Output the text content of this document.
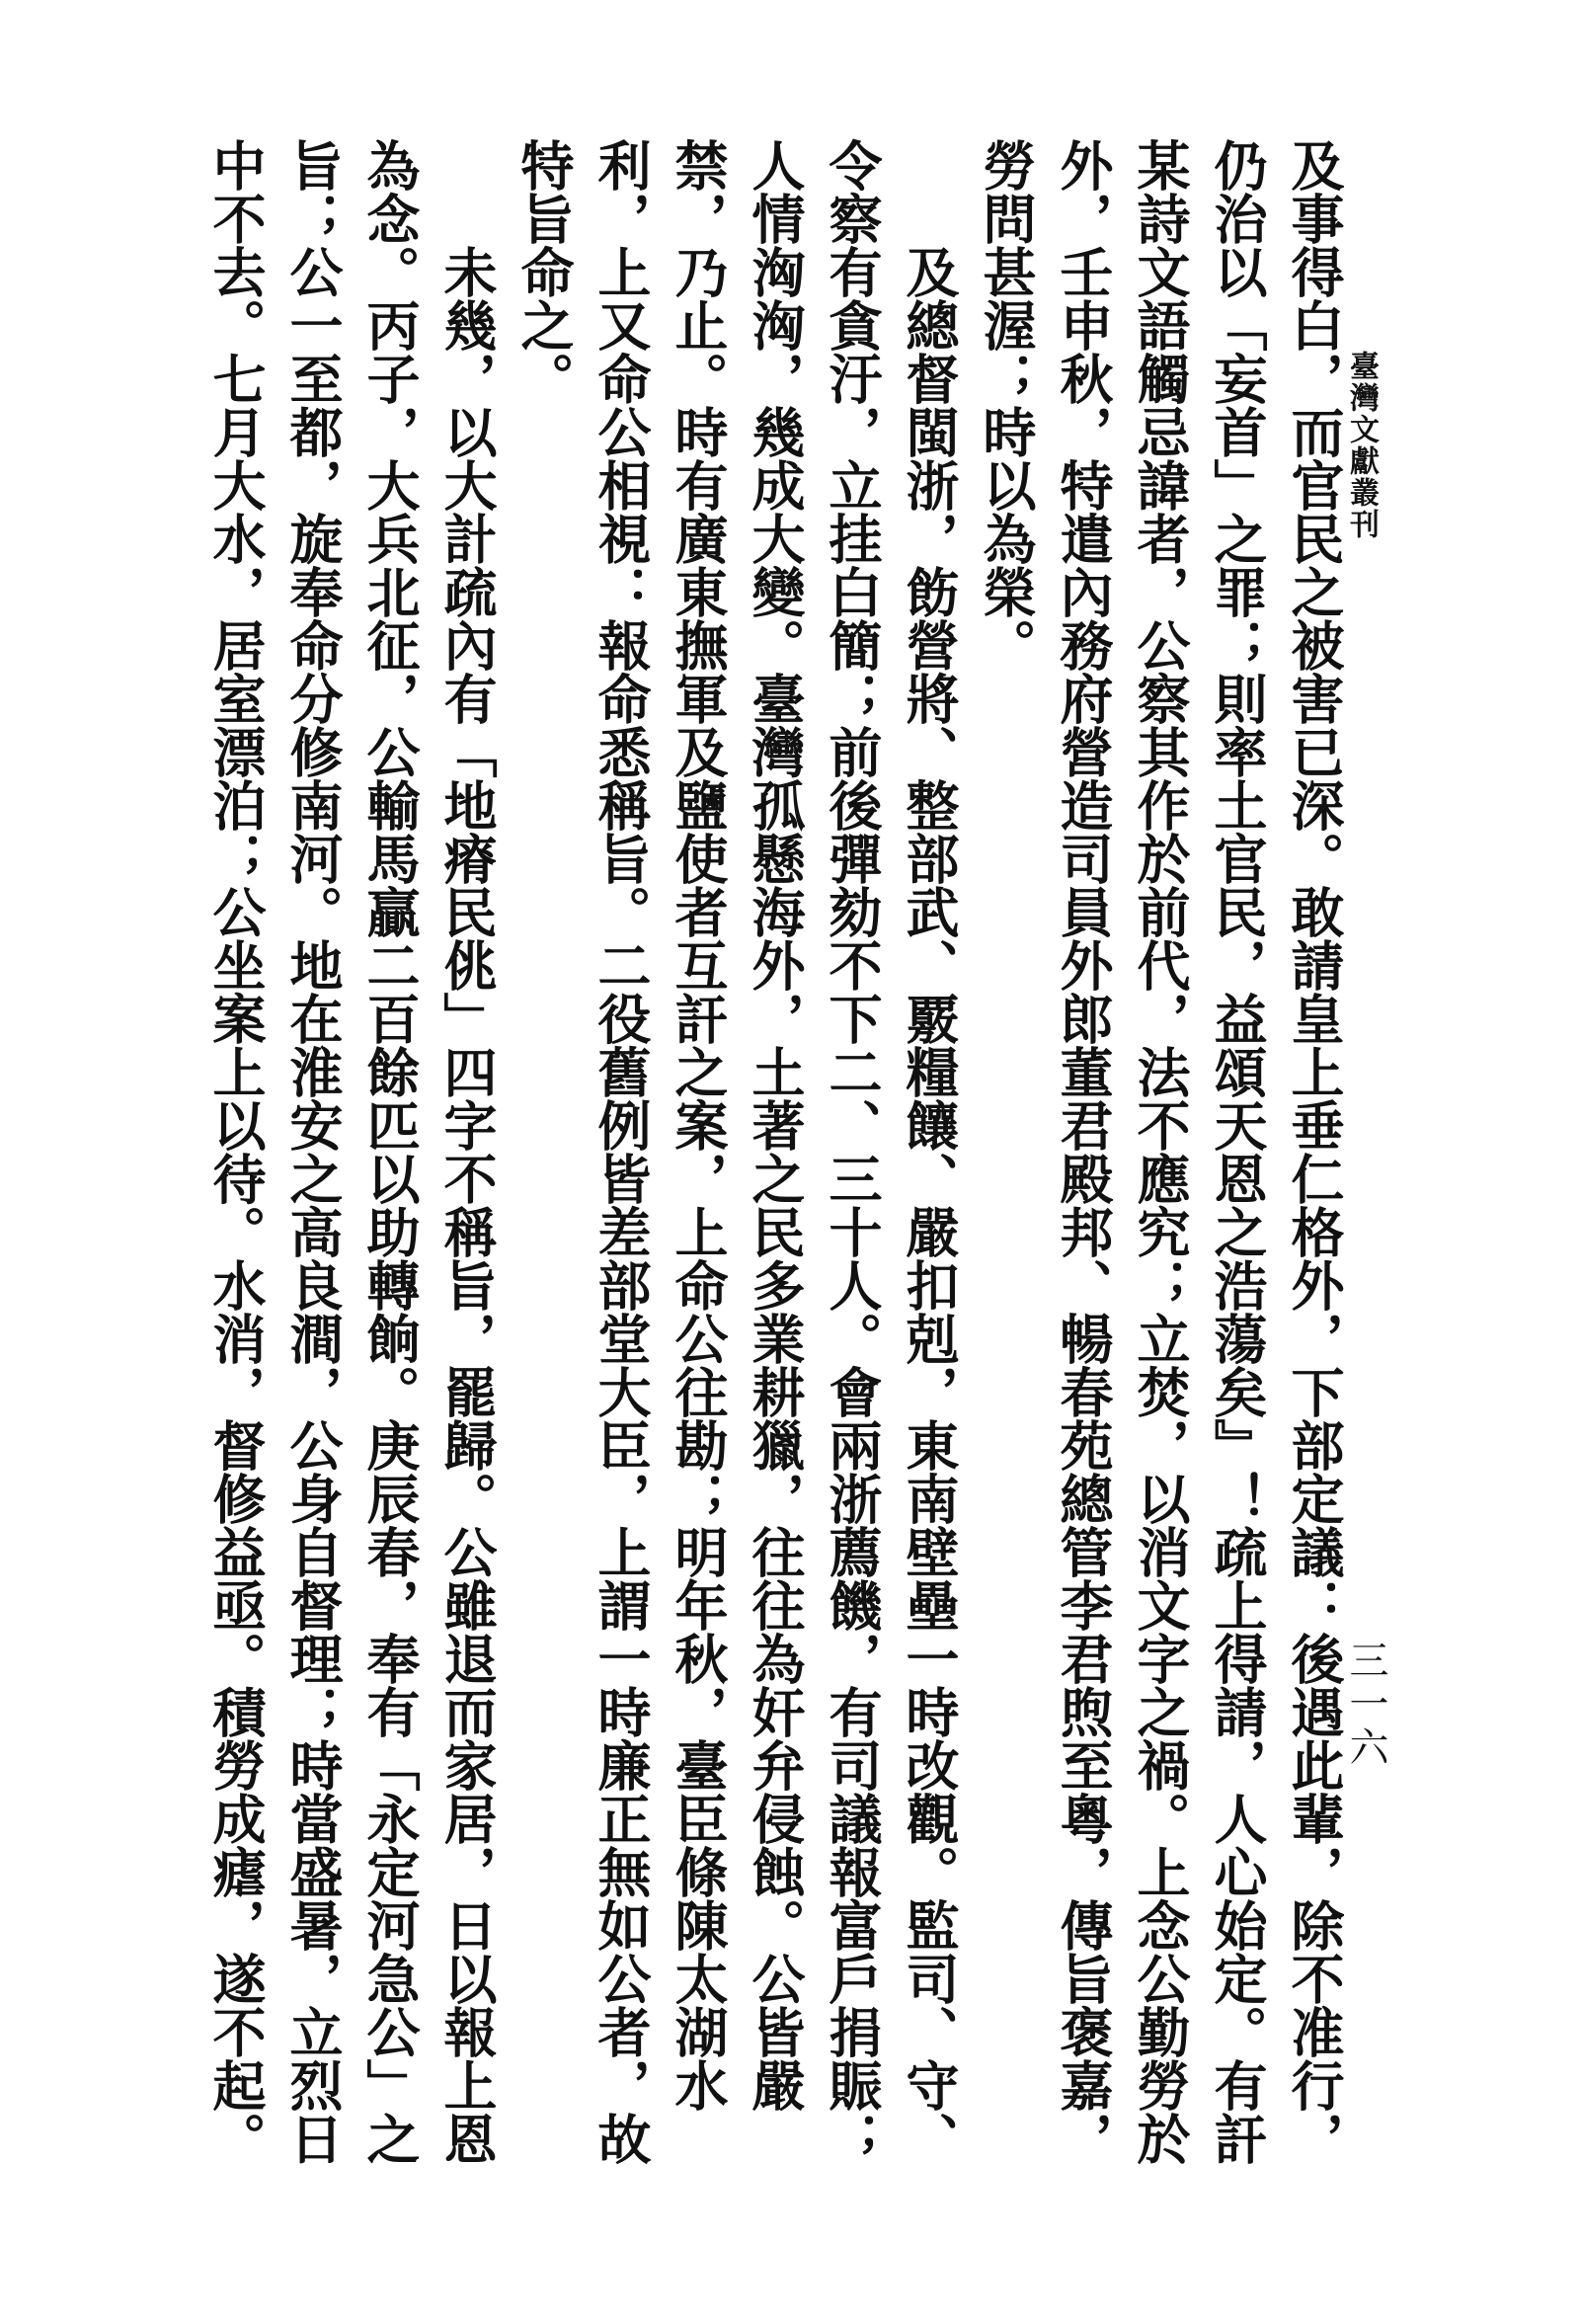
臺灣文獻叢刊
三一六

及事得白，而官民之被害已深。敢請皇上垂仁格外，下部定議：後遇此輩，除不准行，仍治以「妄首」之罪；則率土官民，益頌天恩之浩蕩矣』！疏上得請，人心始定。有訐某詩文語觸忌諱者，公察其作於前代，法不應究；立焚，以消文字之禍。上念公勤勞於外，壬申秋，特遣內務府營造司員外郎董君殿邦、暢春苑總管李君煦至粵，傳旨褒嘉，勞問甚渥；時以為榮。

及總督閩浙，飭營將、整部武、覈糧饟、嚴扣剋，東南壁壘一時改觀。監司、守、令察有貪汙，立挂白簡；前後彈劾不下二、三十人。會兩浙薦饑，有司議報富戶捐賑；人情洶洶，幾成大變。臺灣孤懸海外，土著之民多業耕獵，往往為奸弁侵蝕。公皆嚴禁，乃止。時有廣東撫軍及鹽使者互訐之案，上命公往勘；明年秋，臺臣條陳太湖水利，上又命公相視：報命悉稱旨。二役舊例皆差部堂大臣，上謂一時廉正無如公者，故特旨命之。

未幾，以大計疏內有「地瘠民佻」四字不稱旨，罷歸。公雖退而家居，日以報上恩為念。丙子，大兵北征，公輸馬贏二百餘匹以助轉餉。庚辰春，奉有「永定河急公」之旨；公一至都，旋奉命分修南河。地在淮安之高良澗，公身自督理；時當盛暑，立烈日中不去。七月大水，居室漂泊；公坐案上以待。水消，督修益亟。積勞成瘧，遂不起。
